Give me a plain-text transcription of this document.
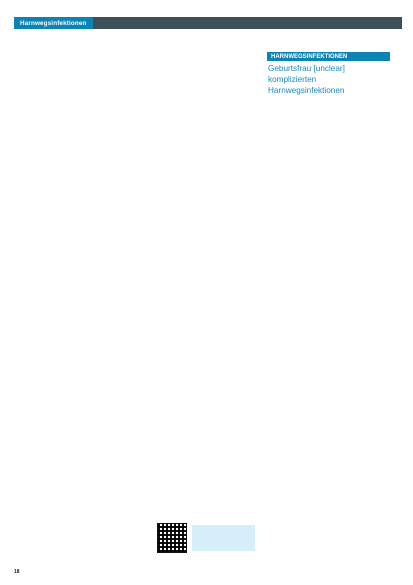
Harnwegsinfektionen

HARNWEGSINFEKTIONEN
Geburtsfrau [unclear] komplizierten Harnwegsinfektionen

18
